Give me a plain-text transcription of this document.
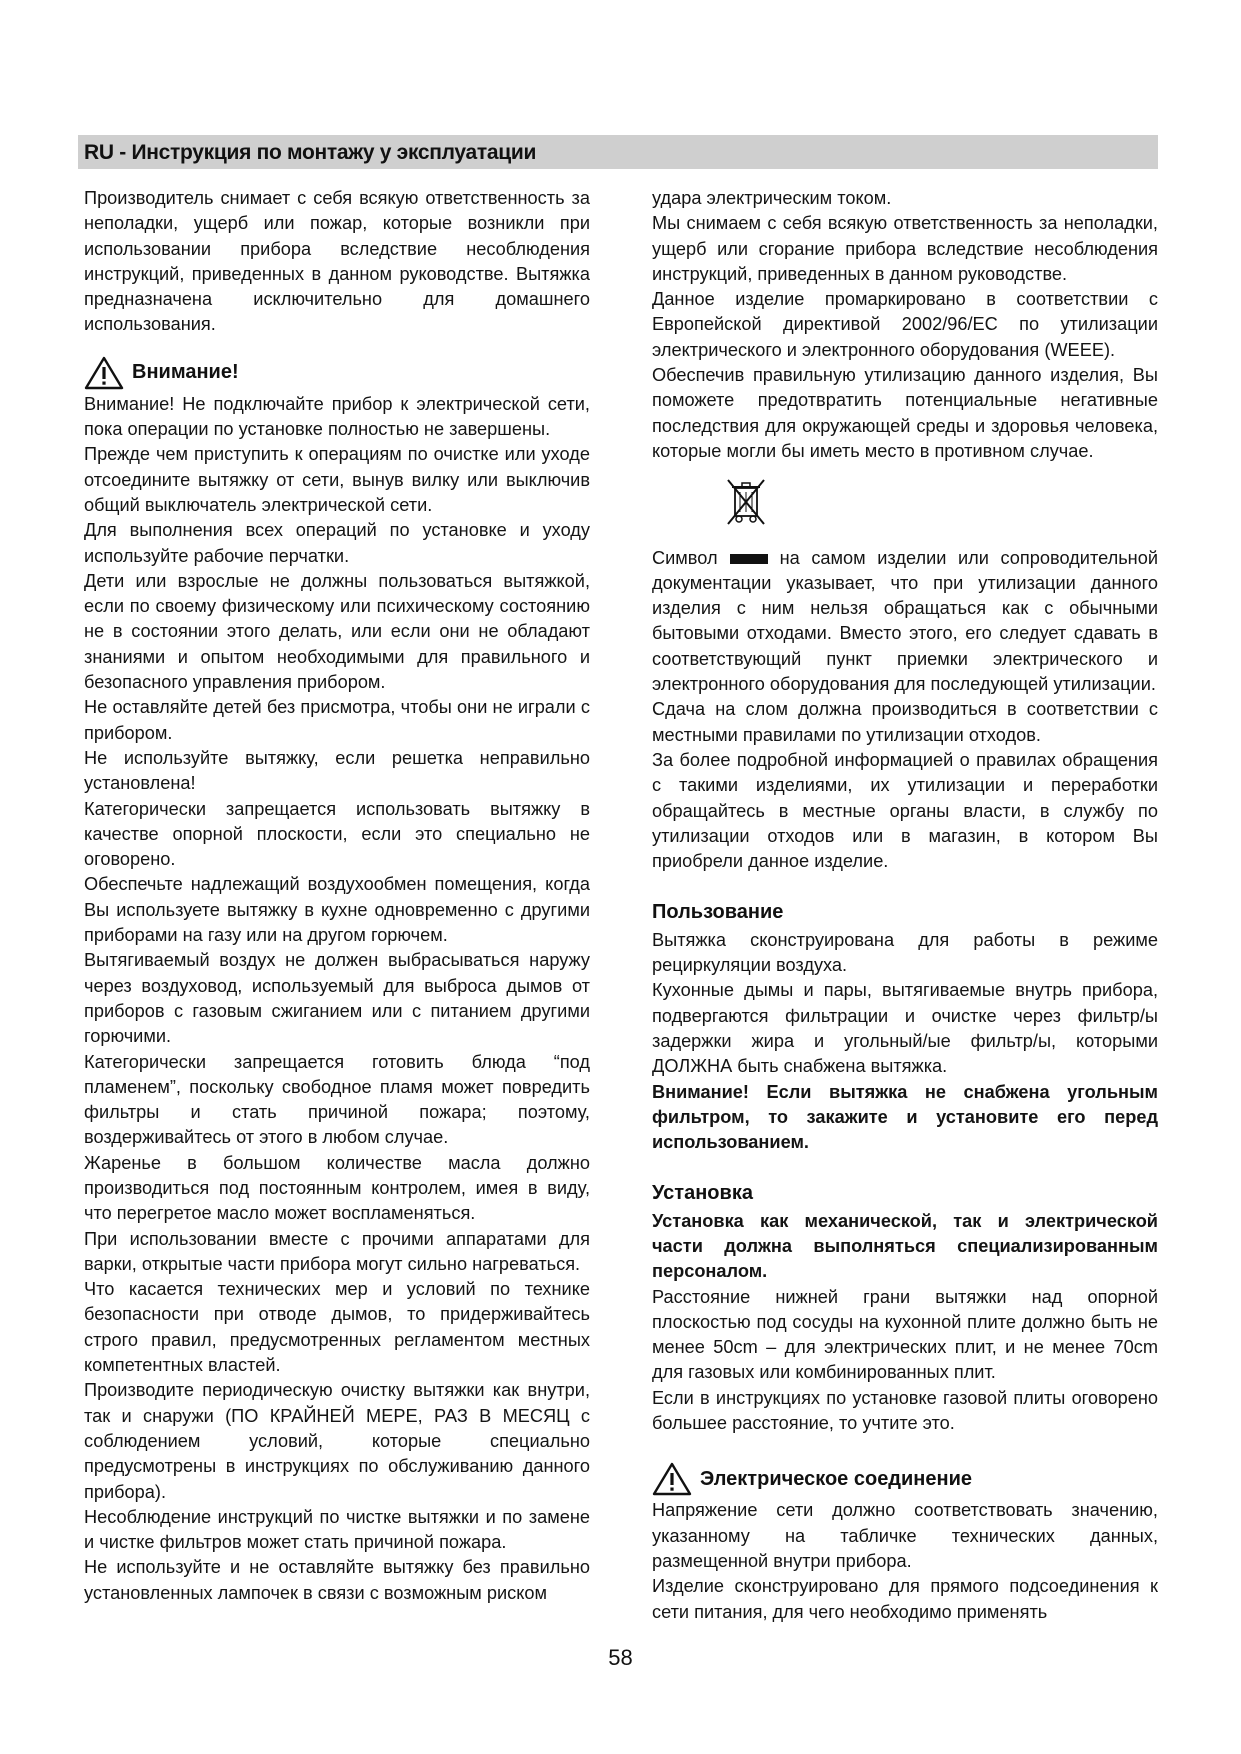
RU - Инструкция по монтажу у эксплуатации

Производитель снимает с себя всякую ответственность за неполадки, ущерб или пожар, которые возникли при использовании прибора вследствие несоблюдения инструкций, приведенных в данном руководстве. Вытяжка предназначена исключительно для домашнего использования.

Внимание!

Внимание! Не подключайте прибор к электрической сети, пока операции по установке полностью не завершены.

Прежде чем приступить к операциям по очистке или уходе отсоедините вытяжку от сети, вынув вилку или выключив общий выключатель электрической сети.

Для выполнения всех операций по установке и уходу используйте рабочие перчатки.

Дети или взрослые не должны пользоваться вытяжкой, если по своему физическому или психическому состоянию не в состоянии этого делать, или если они не обладают знаниями и опытом необходимыми для правильного и безопасного управления прибором.

Не оставляйте детей без присмотра, чтобы они не играли с прибором.

Не используйте вытяжку, если решетка неправильно установлена!

Категорически запрещается использовать вытяжку в качестве опорной плоскости, если это специально не оговорено.

Обеспечьте надлежащий воздухообмен помещения, когда Вы используете вытяжку в кухне одновременно с другими приборами на газу или на другом горючем.

Вытягиваемый воздух не должен выбрасываться наружу через воздуховод, используемый для выброса дымов от приборов с газовым сжиганием или с питанием другими горючими.

Категорически запрещается готовить блюда “под пламенем”, поскольку свободное пламя может повредить фильтры и стать причиной пожара; поэтому, воздерживайтесь от этого в любом случае.

Жаренье в большом количестве масла должно производиться под постоянным контролем, имея в виду, что перегретое масло может воспламеняться.

При использовании вместе с прочими аппаратами для варки, открытые части прибора могут сильно нагреваться.

Что касается технических мер и условий по технике безопасности при отводе дымов, то придерживайтесь строго правил, предусмотренных регламентом местных компетентных властей.

Производите периодическую очистку вытяжки как внутри, так и снаружи (ПО КРАЙНЕЙ МЕРЕ, РАЗ В МЕСЯЦ с соблюдением условий, которые специально предусмотрены в инструкциях по обслуживанию данного прибора).

Несоблюдение инструкций по чистке вытяжки и по замене и чистке фильтров может стать причиной пожара.

Не используйте и не оставляйте вытяжку без правильно установленных лампочек в связи с возможным риском

удара электрическим током.

Мы снимаем с себя всякую ответственность за неполадки, ущерб или сгорание прибора вследствие несоблюдения инструкций, приведенных в данном руководстве.

Данное изделие промаркировано в соответствии с Европейской директивой 2002/96/EC по утилизации электрического и электронного оборудования (WEEE).

Обеспечив правильную утилизацию данного изделия, Вы поможете предотвратить потенциальные негативные последствия для окружающей среды и здоровья человека, которые могли бы иметь место в противном случае.

Символ	на самом изделии или сопроводительной документации указывает, что при утилизации данного изделия с ним нельзя обращаться как с обычными бытовыми отходами. Вместо этого, его следует сдавать в соответствующий пункт приемки электрического и электронного оборудования для последующей утилизации.

Сдача на слом должна производиться в соответствии с местными правилами по утилизации отходов.

За более подробной информацией о правилах обращения с такими изделиями, их утилизации и переработки обращайтесь в местные органы власти, в службу по утилизации отходов или в магазин, в котором Вы приобрели данное изделие.

Пользование

Вытяжка сконструирована для работы в режиме рециркуляции воздуха.

Кухонные дымы и пары, вытягиваемые внутрь прибора, подвергаются фильтрации и очистке через фильтр/ы задержки жира и угольный/ые фильтр/ы, которыми ДОЛЖНА быть снабжена вытяжка.

Внимание! Если вытяжка не снабжена угольным фильтром, то закажите и установите его перед использованием.

Установка

Установка как механической, так и электрической части должна выполняться специализированным персоналом.

Расстояние нижней грани вытяжки над опорной плоскостью под сосуды на кухонной плите должно быть не менее 50cm – для электрических плит, и не менее 70cm для газовых или комбинированных плит.

Если в инструкциях по установке газовой плиты оговорено большее расстояние, то учтите это.

Электрическое соединение

Напряжение сети должно соответствовать значению, указанному на табличке технических данных, размещенной внутри прибора.

Изделие сконструировано для прямого подсоединения к сети питания, для чего необходимо применять

58
